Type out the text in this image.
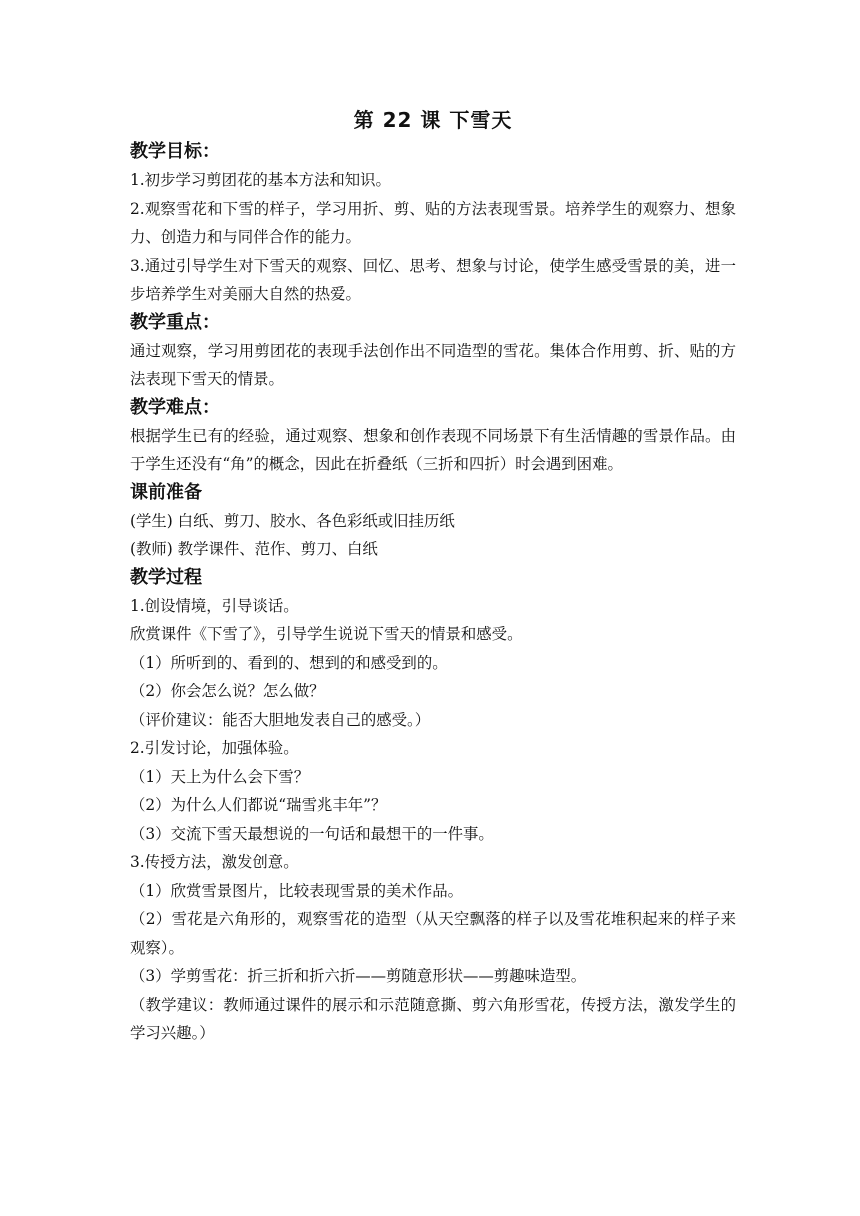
第 22 课 下雪天
教学目标：

1.初步学习剪团花的基本方法和知识。

2.观察雪花和下雪的样子，学习用折、剪、贴的方法表现雪景。培养学生的观察力、想象力、创造力和与同伴合作的能力。

3.通过引导学生对下雪天的观察、回忆、思考、想象与讨论，使学生感受雪景的美，进一步培养学生对美丽大自然的热爱。

教学重点：

通过观察，学习用剪团花的表现手法创作出不同造型的雪花。集体合作用剪、折、贴的方法表现下雪天的情景。

教学难点：

根据学生已有的经验，通过观察、想象和创作表现不同场景下有生活情趣的雪景作品。由于学生还没有“角”的概念，因此在折叠纸（三折和四折）时会遇到困难。

课前准备

(学生) 白纸、剪刀、胶水、各色彩纸或旧挂历纸

(教师) 教学课件、范作、剪刀、白纸

教学过程

1.创设情境，引导谈话。

欣赏课件《下雪了》，引导学生说说下雪天的情景和感受。

（1）所听到的、看到的、想到的和感受到的。

（2）你会怎么说？怎么做？

（评价建议：能否大胆地发表自己的感受。）

2.引发讨论，加强体验。

（1）天上为什么会下雪？

（2）为什么人们都说“瑞雪兆丰年”？

（3）交流下雪天最想说的一句话和最想干的一件事。

3.传授方法，激发创意。

（1）欣赏雪景图片，比较表现雪景的美术作品。

（2）雪花是六角形的，观察雪花的造型（从天空飘落的样子以及雪花堆积起来的样子来观察）。

（3）学剪雪花：折三折和折六折——剪随意形状——剪趣味造型。

（教学建议：教师通过课件的展示和示范随意撕、剪六角形雪花，传授方法，激发学生的学习兴趣。）
